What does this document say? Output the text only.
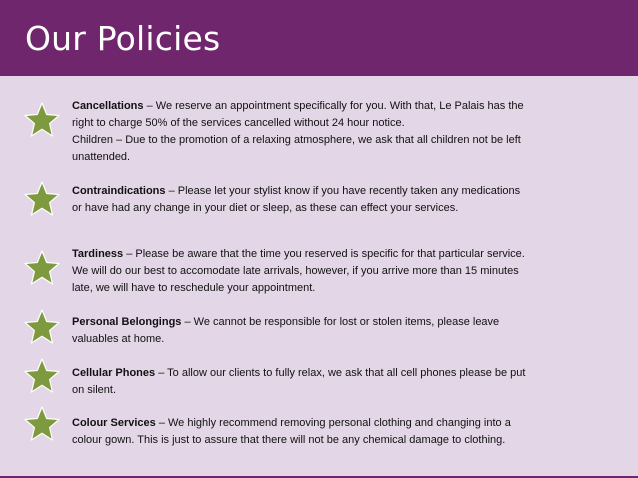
Our Policies

Cancellations – We reserve an appointment specifically for you. With that, Le Palais has the right to charge 50% of the services cancelled without 24 hour notice.
Children – Due to the promotion of a relaxing atmosphere, we ask that all children not be left unattended.

Contraindications – Please let your stylist know if you have recently taken any medications or have had any change in your diet or sleep, as these can effect your services.

Tardiness – Please be aware that the time you reserved is specific for that particular service. We will do our best to accomodate late arrivals, however, if you arrive more than 15 minutes late, we will have to reschedule your appointment.

Personal Belongings – We cannot be responsible for lost or stolen items, please leave valuables at home.

Cellular Phones – To allow our clients to fully relax, we ask that all cell phones please be put on silent.

Colour Services – We highly recommend removing personal clothing and changing into a colour gown. This is just to assure that there will not be any chemical damage to clothing.
